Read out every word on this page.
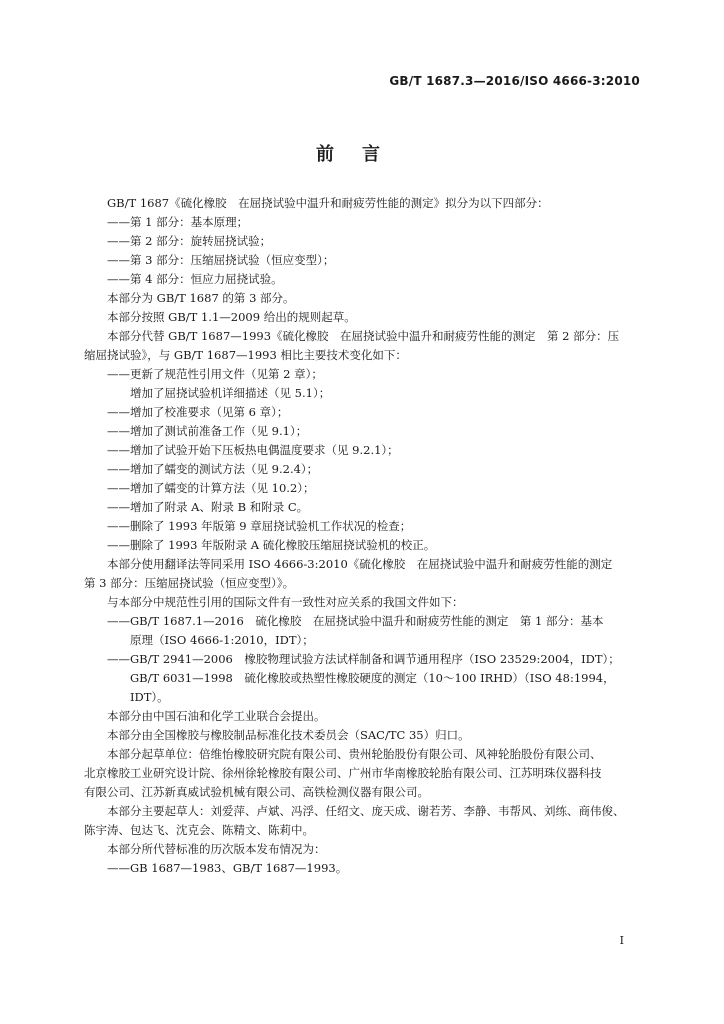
GB/T 1687.3—2016/ISO 4666-3:2010
前言

GB/T 1687《硫化橡胶　在屈挠试验中温升和耐疲劳性能的测定》拟分为以下四部分：

——第 1 部分：基本原理；

——第 2 部分：旋转屈挠试验；

——第 3 部分：压缩屈挠试验（恒应变型）；

——第 4 部分：恒应力屈挠试验。

本部分为 GB/T 1687 的第 3 部分。

本部分按照 GB/T 1.1—2009 给出的规则起草。

本部分代替 GB/T 1687—1993《硫化橡胶　在屈挠试验中温升和耐疲劳性能的测定　第 2 部分：压

缩屈挠试验》，与 GB/T 1687—1993 相比主要技术变化如下：

——更新了规范性引用文件（见第 2 章）；

增加了屈挠试验机详细描述（见 5.1）；

——增加了校准要求（见第 6 章）；

——增加了测试前准备工作（见 9.1）；

——增加了试验开始下压板热电偶温度要求（见 9.2.1）；

——增加了蠕变的测试方法（见 9.2.4）；

——增加了蠕变的计算方法（见 10.2）；

——增加了附录 A、附录 B 和附录 C。

——删除了 1993 年版第 9 章屈挠试验机工作状况的检查；

——删除了 1993 年版附录 A 硫化橡胶压缩屈挠试验机的校正。

本部分使用翻译法等同采用 ISO 4666-3:2010《硫化橡胶　在屈挠试验中温升和耐疲劳性能的测定

第 3 部分：压缩屈挠试验（恒应变型）》。

与本部分中规范性引用的国际文件有一致性对应关系的我国文件如下：

——GB/T 1687.1—2016　硫化橡胶　在屈挠试验中温升和耐疲劳性能的测定　第 1 部分：基本

原理（ISO 4666-1:2010，IDT）；

——GB/T 2941—2006　橡胶物理试验方法试样制备和调节通用程序（ISO 23529:2004，IDT）；

GB/T 6031—1998　硫化橡胶或热塑性橡胶硬度的测定（10～100 IRHD）（ISO 48:1994，

IDT）。

本部分由中国石油和化学工业联合会提出。

本部分由全国橡胶与橡胶制品标准化技术委员会（SAC/TC 35）归口。

本部分起草单位：倍维怡橡胶研究院有限公司、贵州轮胎股份有限公司、风神轮胎股份有限公司、

北京橡胶工业研究设计院、徐州徐轮橡胶有限公司、广州市华南橡胶轮胎有限公司、江苏明珠仪器科技

有限公司、江苏新真威试验机械有限公司、高铁检测仪器有限公司。

本部分主要起草人：刘爱萍、卢斌、冯浮、任绍文、庞天成、谢若芳、李静、韦帮风、刘练、商伟俊、

陈宇涛、包达飞、沈克会、陈精文、陈莉中。

本部分所代替标准的历次版本发布情况为：

——GB 1687—1983、GB/T 1687—1993。

I
